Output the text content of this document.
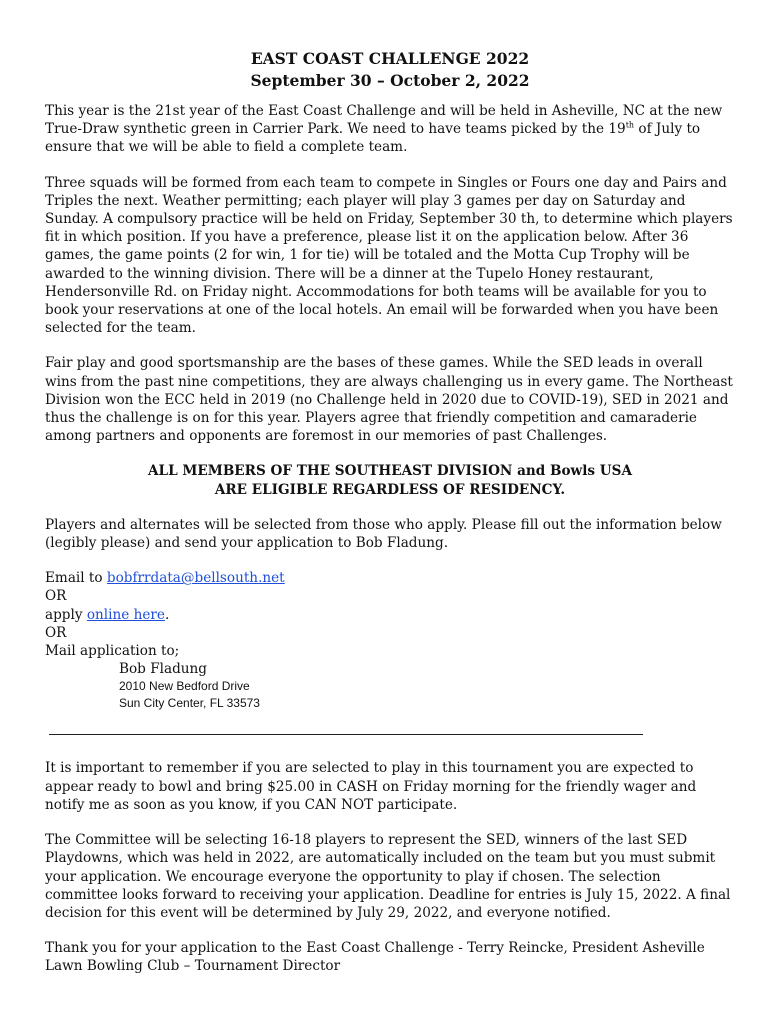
EAST COAST CHALLENGE 2022

September 30 – October 2, 2022

This year is the 21st year of the East Coast Challenge and will be held in Asheville, NC at the new True-Draw synthetic green in Carrier Park. We need to have teams picked by the 19th of July to ensure that we will be able to field a complete team.

Three squads will be formed from each team to compete in Singles or Fours one day and Pairs and Triples the next. Weather permitting; each player will play 3 games per day on Saturday and Sunday. A compulsory practice will be held on Friday, September 30 th, to determine which players fit in which position. If you have a preference, please list it on the application below. After 36 games, the game points (2 for win, 1 for tie) will be totaled and the Motta Cup Trophy will be awarded to the winning division. There will be a dinner at the Tupelo Honey restaurant, Hendersonville Rd. on Friday night. Accommodations for both teams will be available for you to book your reservations at one of the local hotels. An email will be forwarded when you have been selected for the team.

Fair play and good sportsmanship are the bases of these games. While the SED leads in overall wins from the past nine competitions, they are always challenging us in every game. The Northeast Division won the ECC held in 2019 (no Challenge held in 2020 due to COVID-19), SED in 2021 and thus the challenge is on for this year. Players agree that friendly competition and camaraderie among partners and opponents are foremost in our memories of past Challenges.

ALL MEMBERS OF THE SOUTHEAST DIVISION and Bowls USA

ARE ELIGIBLE REGARDLESS OF RESIDENCY.

Players and alternates will be selected from those who apply. Please fill out the information below (legibly please) and send your application to Bob Fladung.

Email to bobfrrdata@bellsouth.net
OR
apply online here.
OR
Mail application to;
Bob Fladung
2010 New Bedford Drive
Sun City Center, FL 33573

It is important to remember if you are selected to play in this tournament you are expected to appear ready to bowl and bring $25.00 in CASH on Friday morning for the friendly wager and notify me as soon as you know, if you CAN NOT participate.

The Committee will be selecting 16-18 players to represent the SED, winners of the last SED Playdowns, which was held in 2022, are automatically included on the team but you must submit your application. We encourage everyone the opportunity to play if chosen. The selection committee looks forward to receiving your application. Deadline for entries is July 15, 2022. A final decision for this event will be determined by July 29, 2022, and everyone notified.

Thank you for your application to the East Coast Challenge - Terry Reincke, President Asheville Lawn Bowling Club – Tournament Director
